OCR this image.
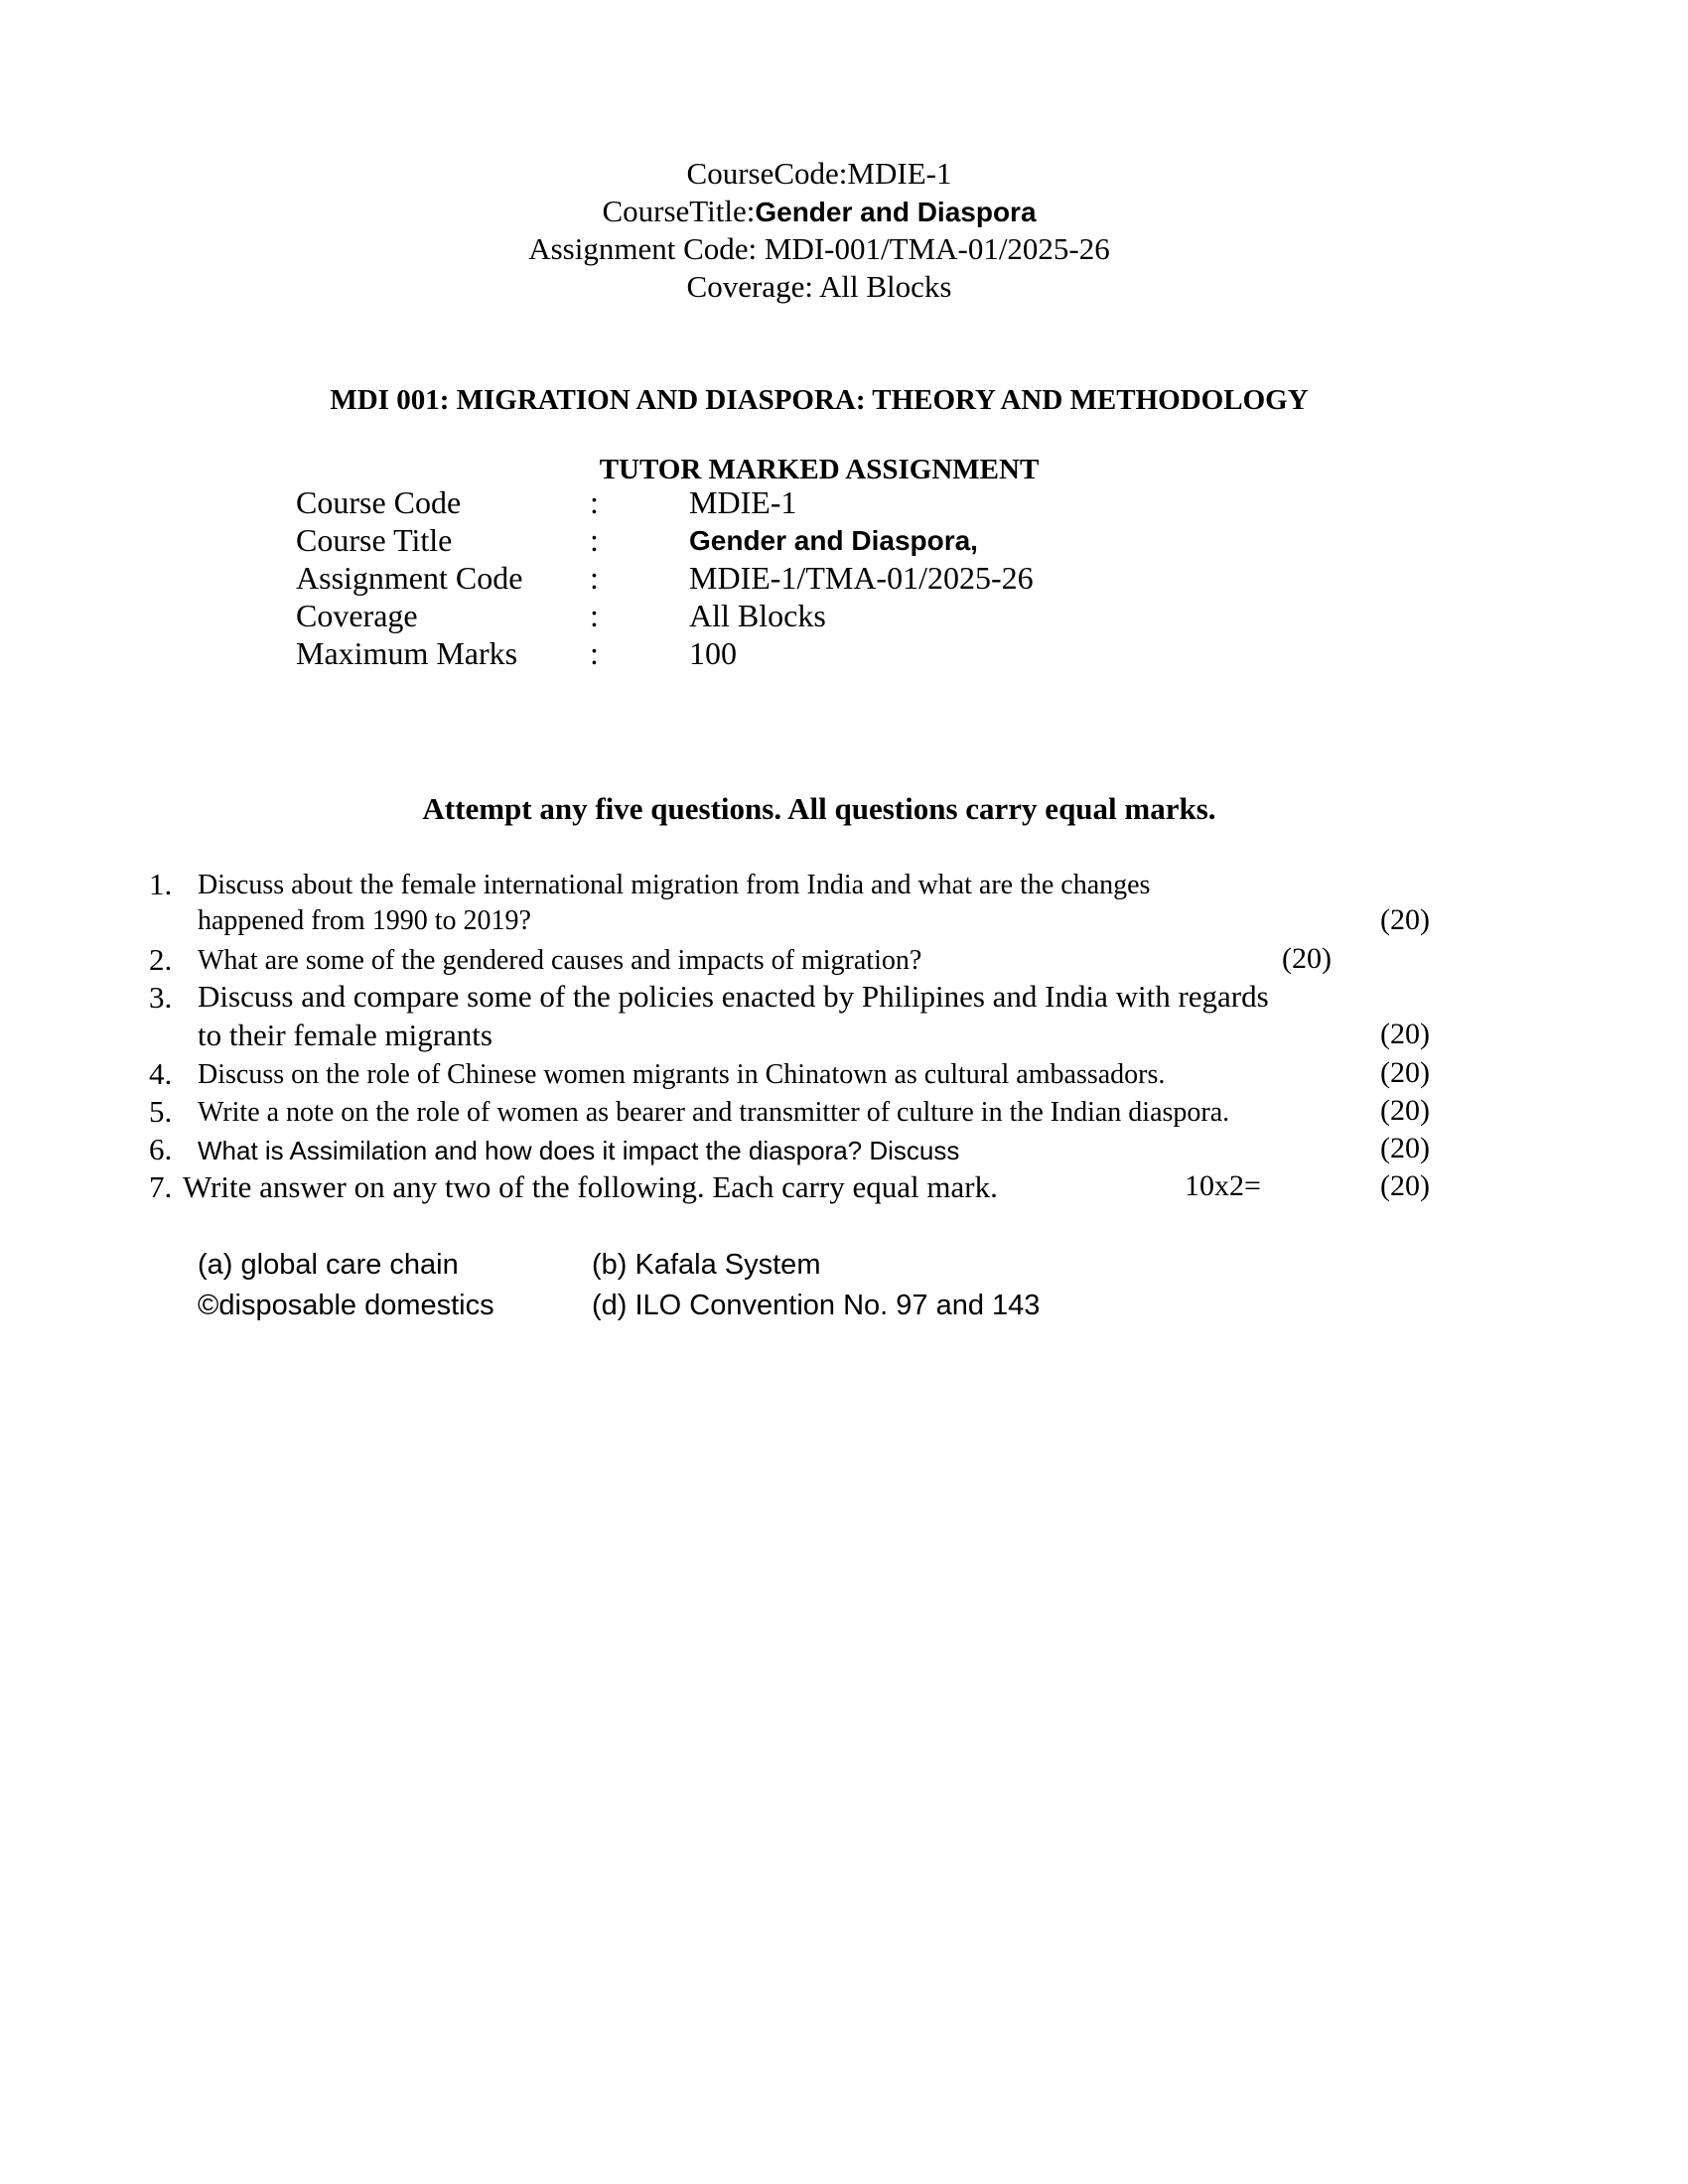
CourseCode:MDIE-1
CourseTitle:Gender and Diaspora
Assignment Code: MDI-001/TMA-01/2025-26
Coverage: All Blocks
MDI 001: MIGRATION AND DIASPORA: THEORY AND METHODOLOGY
TUTOR MARKED ASSIGNMENT
Course Code	:	MDIE-1
Course Title	:	Gender and Diaspora,
Assignment Code :	MDIE-1/TMA-01/2025-26
Coverage	:	All Blocks
Maximum Marks :	100
Attempt any five questions. All questions carry equal marks.
1. Discuss about the female international migration from India and what are the changes
happened from 1990 to 2019?	(20)
2. What are some of the gendered causes and impacts of migration?	(20)
3. Discuss and compare some of the policies enacted by Philipines and India with regards
to their female migrants	(20)
4. Discuss on the role of Chinese women migrants in Chinatown as cultural ambassadors.	(20)
5. Write a note on the role of women as bearer and transmitter of culture in the Indian diaspora.	(20)
6. What is Assimilation and how does it impact the diaspora? Discuss	(20)
7. Write answer on any two of the following. Each carry equal mark.	10x2=	(20)
(a) global care chain	(b) Kafala System
©disposable domestics	(d) ILO Convention No. 97 and 143
